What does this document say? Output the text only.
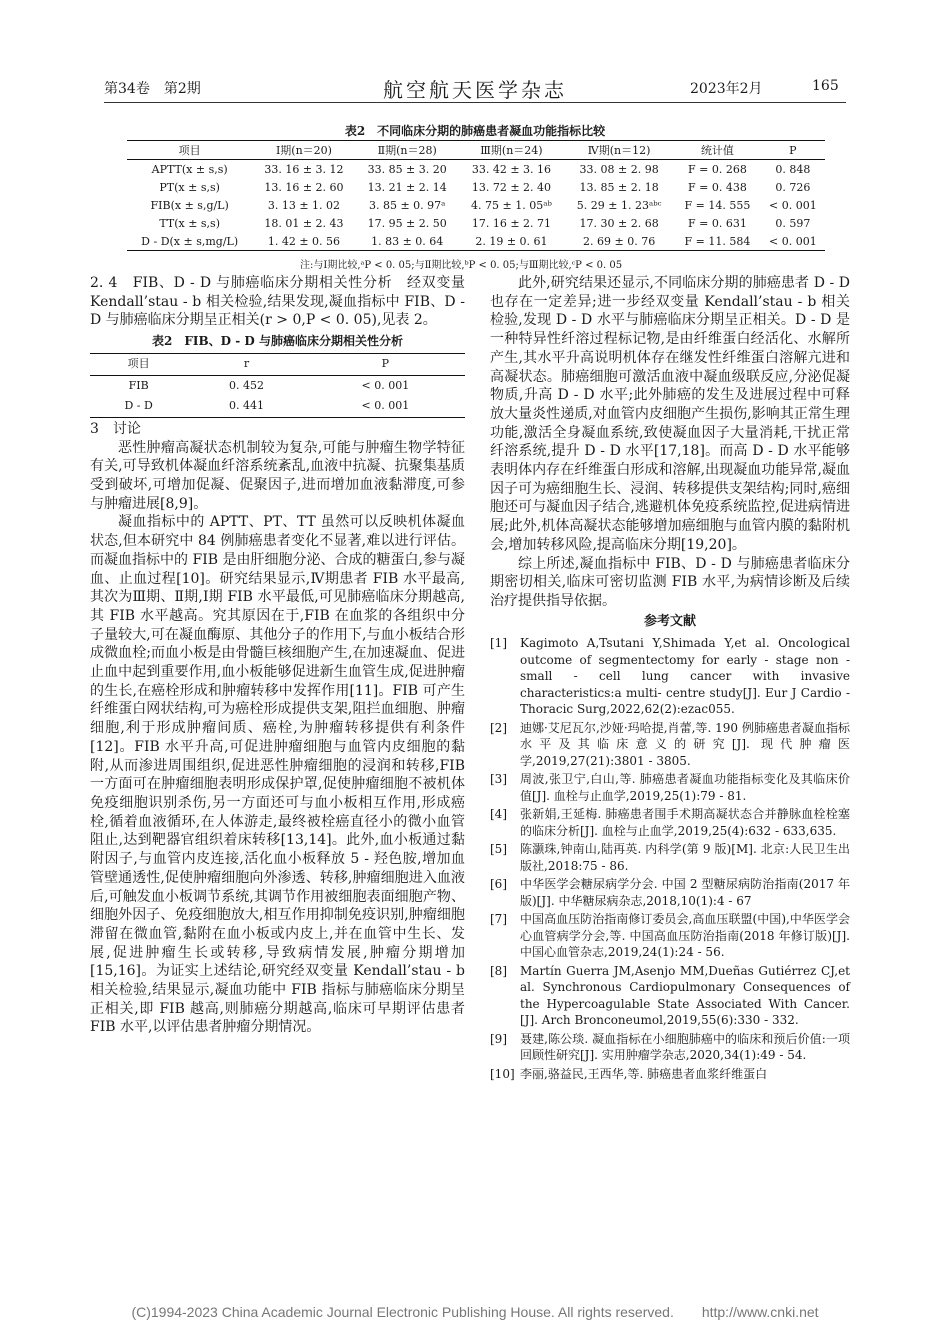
第34卷　第2期	航空航天医学杂志	2023年2月	165
表2　不同临床分期的肺癌患者凝血功能指标比较
项目	Ⅰ期(n＝20)	Ⅱ期(n＝28)	Ⅲ期(n＝24)	Ⅳ期(n＝12)	统计值	P
APTT(x ± s,s)	33. 16 ± 3. 12	33. 85 ± 3. 20	33. 42 ± 3. 16	33. 08 ± 2. 98	F = 0. 268	0. 848
PT(x ± s,s)	13. 16 ± 2. 60	13. 21 ± 2. 14	13. 72 ± 2. 40	13. 85 ± 2. 18	F = 0. 438	0. 726
FIB(x ± s,g/L)	3. 13 ± 1. 02	3. 85 ± 0. 97ᵃ	4. 75 ± 1. 05ᵃᵇ	5. 29 ± 1. 23ᵃᵇᶜ	F = 14. 555	< 0. 001
TT(x ± s,s)	18. 01 ± 2. 43	17. 95 ± 2. 50	17. 16 ± 2. 71	17. 30 ± 2. 68	F = 0. 631	0. 597
D - D(x ± s,mg/L)	1. 42 ± 0. 56	1. 83 ± 0. 64	2. 19 ± 0. 61	2. 69 ± 0. 76	F = 11. 584	< 0. 001
注:与Ⅰ期比较,ᵃP < 0. 05;与Ⅱ期比较,ᵇP < 0. 05;与Ⅲ期比较,ᶜP < 0. 05

2. 4　FIB、D - D 与肺癌临床分期相关性分析　经双变量 Kendall’stau - b 相关检验,结果发现,凝血指标中 FIB、D - D 与肺癌临床分期呈正相关(r > 0,P < 0. 05),见表 2。

表2　FIB、D - D 与肺癌临床分期相关性分析
项目	r	P
FIB	0. 452	< 0. 001
D - D	0. 441	< 0. 001

3　讨论

恶性肿瘤高凝状态机制较为复杂,可能与肿瘤生物学特征有关,可导致机体凝血纤溶系统紊乱,血液中抗凝、抗聚集基质受到破坏,可增加促凝、促聚因子,进而增加血液黏滞度,可参与肿瘤进展[8,9]。

凝血指标中的 APTT、PT、TT 虽然可以反映机体凝血状态,但本研究中 84 例肺癌患者变化不显著,难以进行评估。而凝血指标中的 FIB 是由肝细胞分泌、合成的糖蛋白,参与凝血、止血过程[10]。研究结果显示,Ⅳ期患者 FIB 水平最高,其次为Ⅲ期、Ⅱ期,Ⅰ期 FIB 水平最低,可见肺癌临床分期越高,其 FIB 水平越高。究其原因在于,FIB 在血浆的各组织中分子量较大,可在凝血酶原、其他分子的作用下,与血小板结合形成微血栓;而血小板是由骨髓巨核细胞产生,在加速凝血、促进止血中起到重要作用,血小板能够促进新生血管生成,促进肿瘤的生长,在癌栓形成和肿瘤转移中发挥作用[11]。FIB 可产生纤维蛋白网状结构,可为癌栓形成提供支架,阻拦血细胞、肿瘤细胞,利于形成肿瘤间质、癌栓,为肿瘤转移提供有利条件[12]。FIB 水平升高,可促进肿瘤细胞与血管内皮细胞的黏附,从而渗进周围组织,促进恶性肿瘤细胞的浸润和转移,FIB 一方面可在肿瘤细胞表明形成保护罩,促使肿瘤细胞不被机体免疫细胞识别杀伤,另一方面还可与血小板相互作用,形成癌栓,循着血液循环,在人体游走,最终被栓癌直径小的微小血管阻止,达到靶器官组织着床转移[13,14]。此外,血小板通过黏附因子,与血管内皮连接,活化血小板释放 5 - 羟色胺,增加血管壁通透性,促使肿瘤细胞向外渗透、转移,肿瘤细胞进入血液后,可触发血小板调节系统,其调节作用被细胞表面细胞产物、细胞外因子、免疫细胞放大,相互作用抑制免疫识别,肿瘤细胞滞留在微血管,黏附在血小板或内皮上,并在血管中生长、发展,促进肿瘤生长或转移,导致病情发展,肿瘤分期增加[15,16]。为证实上述结论,研究经双变量 Kendall’stau - b 相关检验,结果显示,凝血功能中 FIB 指标与肺癌临床分期呈正相关,即 FIB 越高,则肺癌分期越高,临床可早期评估患者 FIB 水平,以评估患者肿瘤分期情况。

此外,研究结果还显示,不同临床分期的肺癌患者 D - D 也存在一定差异;进一步经双变量 Kendall’stau - b 相关检验,发现 D - D 水平与肺癌临床分期呈正相关。D - D 是一种特异性纤溶过程标记物,是由纤维蛋白经活化、水解所产生,其水平升高说明机体存在继发性纤维蛋白溶解亢进和高凝状态。肺癌细胞可激活血液中凝血级联反应,分泌促凝物质,升高 D - D 水平;此外肺癌的发生及进展过程中可释放大量炎性递质,对血管内皮细胞产生损伤,影响其正常生理功能,激活全身凝血系统,致使凝血因子大量消耗,干扰正常纤溶系统,提升 D - D 水平[17,18]。而高 D - D 水平能够表明体内存在纤维蛋白形成和溶解,出现凝血功能异常,凝血因子可为癌细胞生长、浸润、转移提供支架结构;同时,癌细胞还可与凝血因子结合,逃避机体免疫系统监控,促进病情进展;此外,机体高凝状态能够增加癌细胞与血管内膜的黏附机会,增加转移风险,提高临床分期[19,20]。

综上所述,凝血指标中 FIB、D - D 与肺癌患者临床分期密切相关,临床可密切监测 FIB 水平,为病情诊断及后续治疗提供指导依据。

参考文献
[1]	Kagimoto A,Tsutani Y,Shimada Y,et al. Oncological outcome of segmentectomy for early - stage non - small - cell lung cancer with invasive characteristics:a multi- centre study[J]. Eur J Cardio - Thoracic Surg,2022,62(2):ezac055.
[2]	迪娜·艾尼瓦尔,沙娅·玛哈提,肖蕾,等. 190 例肺癌患者凝血指标水平及其临床意义的研究[J]. 现代肿瘤医学,2019,27(21):3801 - 3805.
[3]	周波,张卫宁,白山,等. 肺癌患者凝血功能指标变化及其临床价值[J]. 血栓与止血学,2019,25(1):79 - 81.
[4]	张新娟,王延梅. 肺癌患者围手术期高凝状态合并静脉血栓栓塞的临床分析[J]. 血栓与止血学,2019,25(4):632 - 633,635.
[5]	陈灏珠,钟南山,陆再英. 内科学(第 9 版)[M]. 北京:人民卫生出版社,2018:75 - 86.
[6]	中华医学会糖尿病学分会. 中国 2 型糖尿病防治指南(2017 年版)[J]. 中华糖尿病杂志,2018,10(1):4 - 67
[7]	中国高血压防治指南修订委员会,高血压联盟(中国),中华医学会心血管病学分会,等. 中国高血压防治指南(2018 年修订版)[J]. 中国心血管杂志,2019,24(1):24 - 56.
[8]	Martín Guerra JM,Asenjo MM,Dueñas Gutiérrez CJ,et al. Synchronous Cardiopulmonary Consequences of the Hypercoagulable State Associated With Cancer.[J]. Arch Bronconeumol,2019,55(6):330 - 332.
[9]	聂建,陈公琰. 凝血指标在小细胞肺癌中的临床和预后价值:一项回顾性研究[J]. 实用肿瘤学杂志,2020,34(1):49 - 54.
[10] 李丽,骆益民,王西华,等. 肺癌患者血浆纤维蛋白
(C)1994-2023 China Academic Journal Electronic Publishing House. All rights reserved.　　http://www.cnki.net
